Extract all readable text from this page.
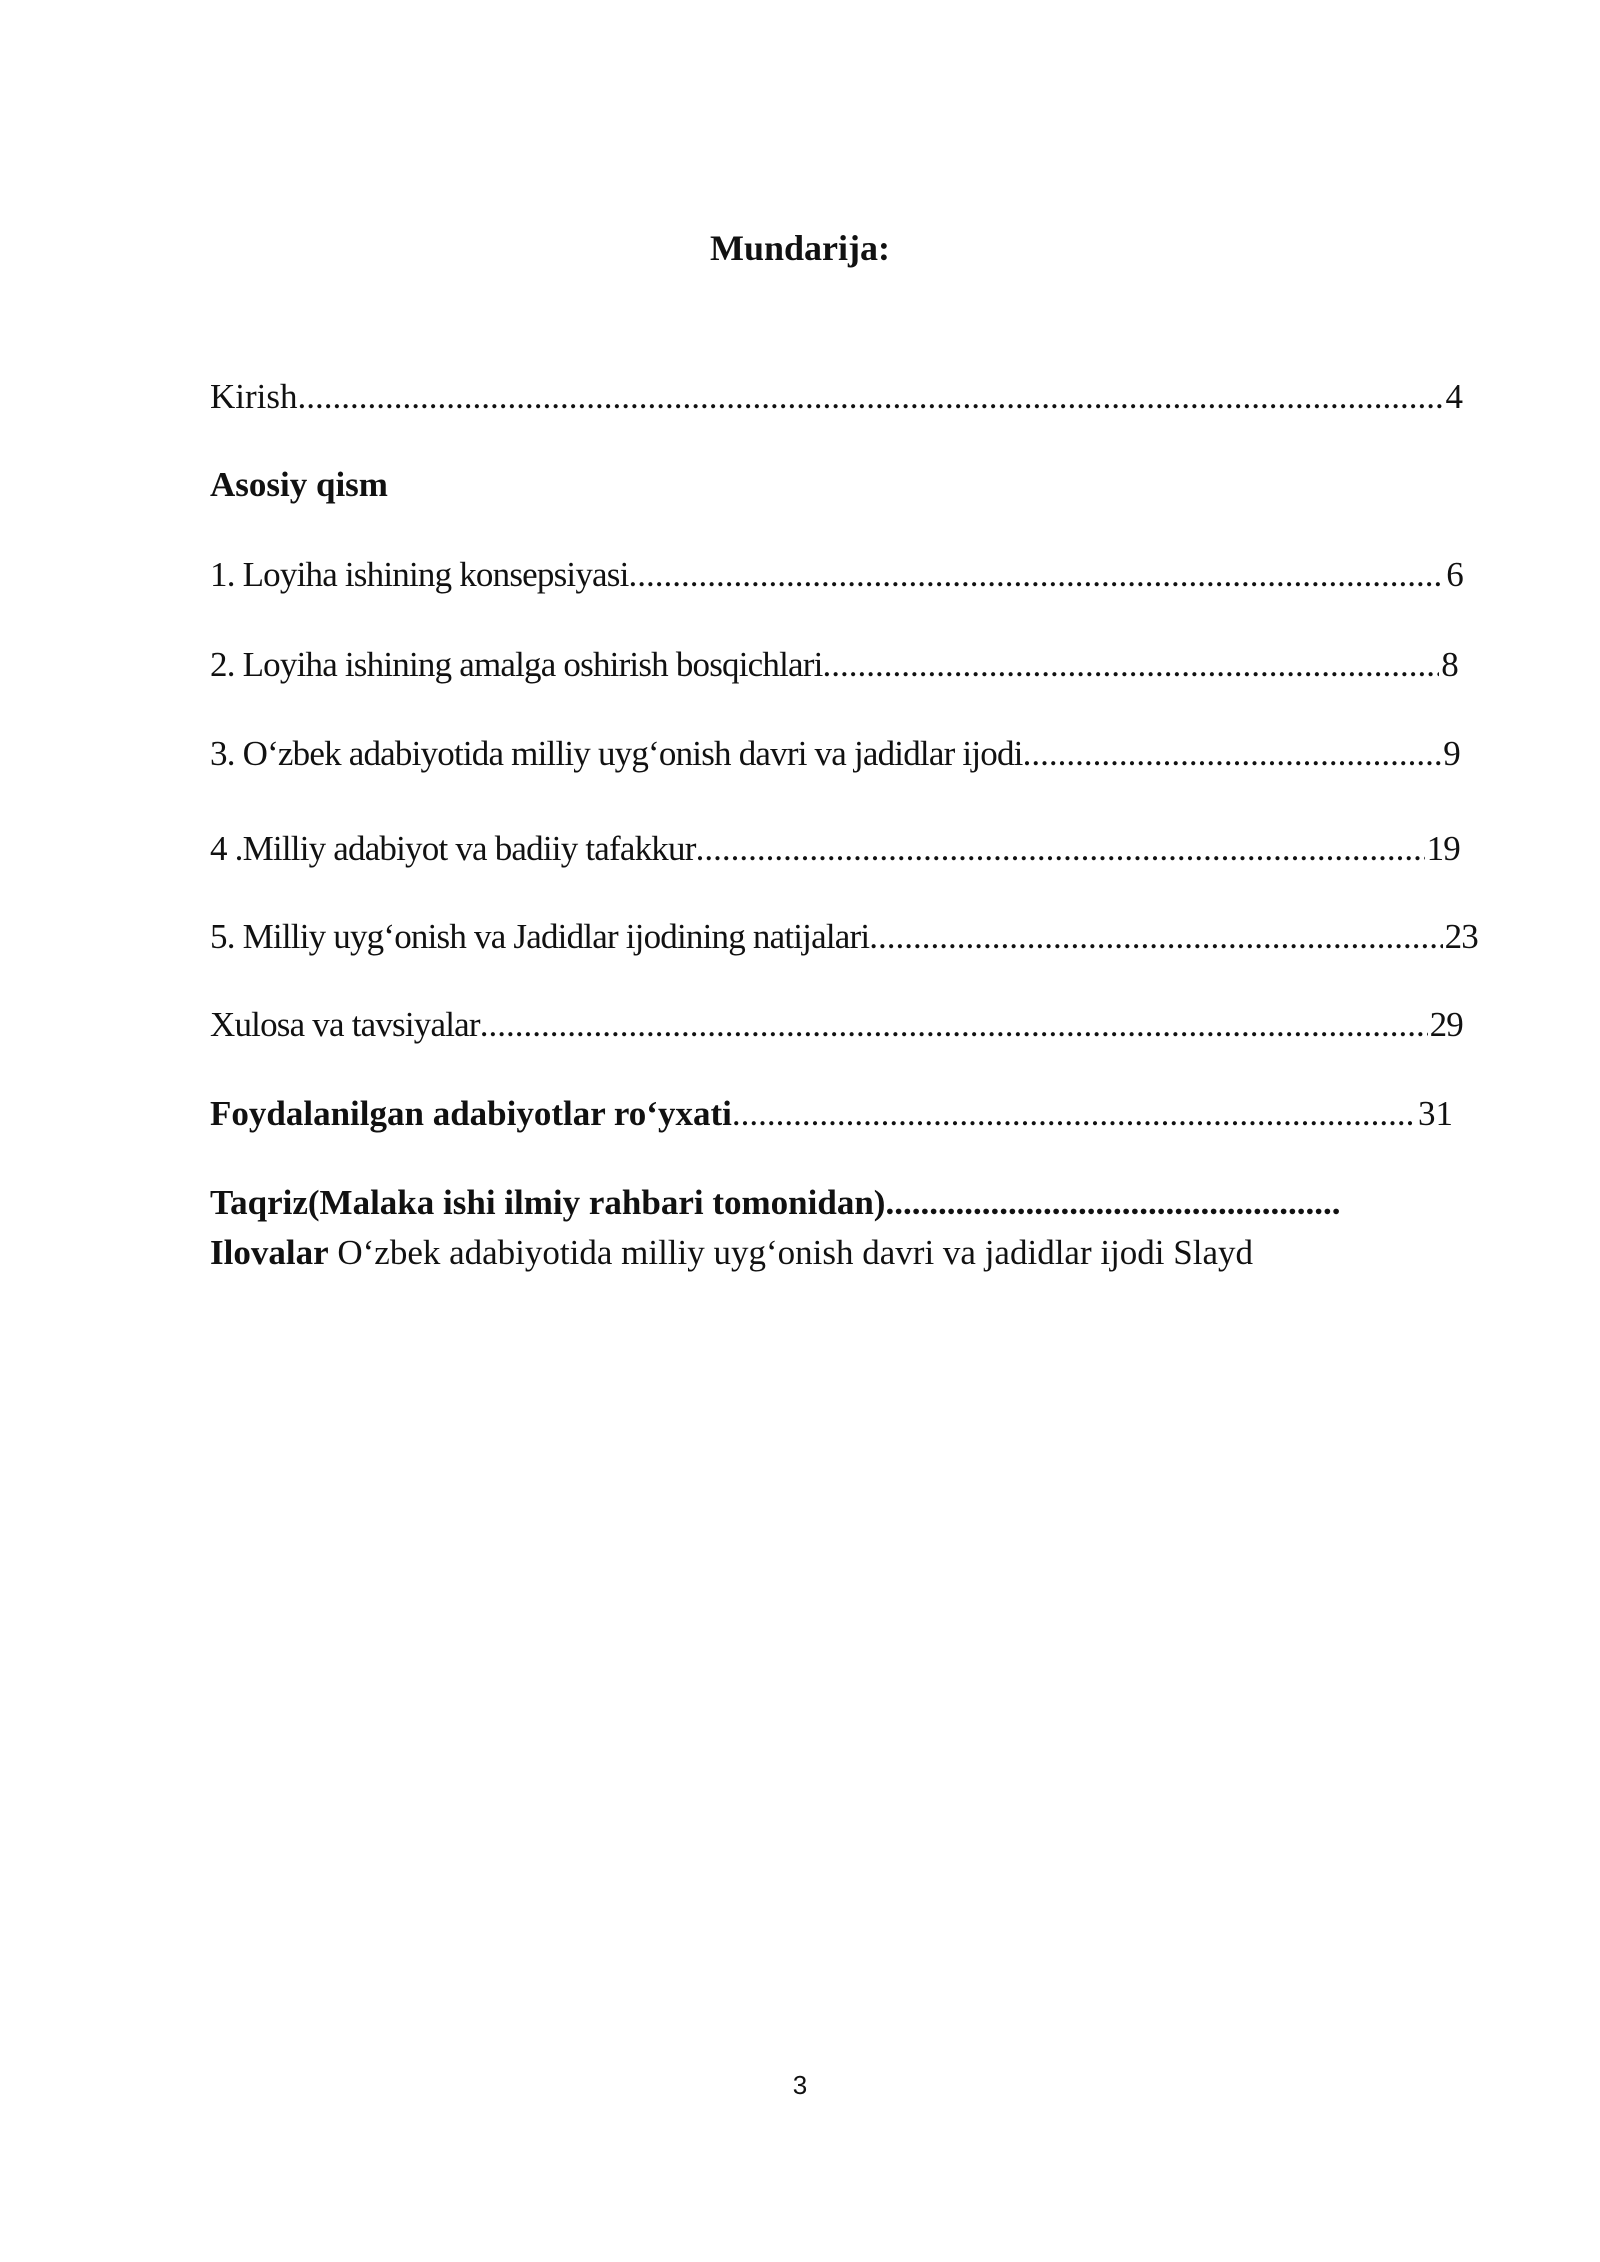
Mundarija:
Kirish .....	4
Asosiy qism
1. Loyiha ishining konsepsiyasi .....	6
2. Loyiha ishining amalga oshirish bosqichlari .....	8
3. O‘zbek adabiyotida milliy uyg‘onish davri va jadidlar ijodi .....	9
4 .Milliy adabiyot va badiiy tafakkur .....	19
5. Milliy uyg‘onish va Jadidlar ijodining natijalari .....	23
Xulosa va tavsiyalar .....	29
Foydalanilgan adabiyotlar ro‘yxati .....	31
Taqriz(Malaka ishi ilmiy rahbari tomonidan) ....................................................
Ilovalar O‘zbek adabiyotida milliy uyg‘onish davri va jadidlar ijodi Slayd
3
